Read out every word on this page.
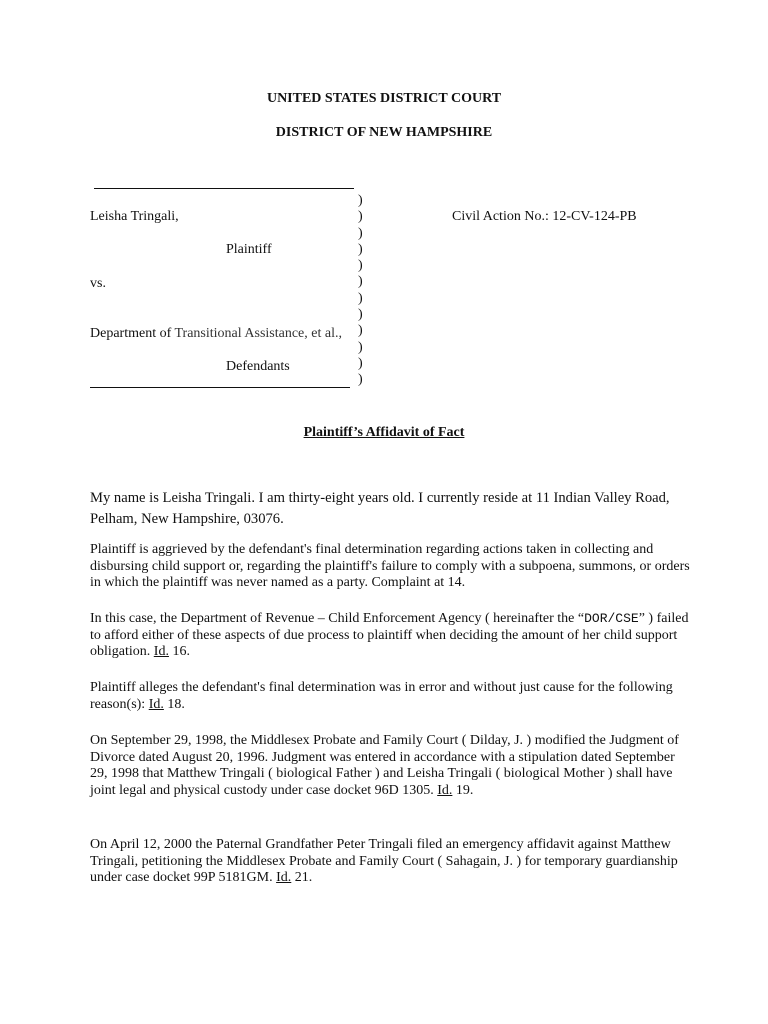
UNITED STATES DISTRICT COURT
DISTRICT OF NEW HAMPSHIRE
Leisha Tringali,
Plaintiff
vs.
Department of Transitional Assistance, et al.,
Defendants
Civil Action No.: 12-CV-124-PB
)
)
)
)
)
)
)
)
)
)
)
)
Plaintiff’s Affidavit of Fact
My name is Leisha Tringali. I am thirty-eight years old. I currently reside at 11 Indian Valley Road, Pelham, New Hampshire, 03076.
Plaintiff is aggrieved by the defendant's final determination regarding actions taken in collecting and disbursing child support or, regarding the plaintiff's failure to comply with a subpoena, summons, or orders in which the plaintiff was never named as a party. Complaint at 14.
In this case, the Department of Revenue – Child Enforcement Agency ( hereinafter the “DOR/CSE” ) failed to afford either of these aspects of due process to plaintiff when deciding the amount of her child support obligation. Id. 16.
Plaintiff alleges the defendant's final determination was in error and without just cause for the following reason(s): Id. 18.
On September 29, 1998, the Middlesex Probate and Family Court ( Dilday, J. ) modified the Judgment of Divorce dated August 20, 1996. Judgment was entered in accordance with a stipulation dated September 29, 1998 that Matthew Tringali ( biological Father ) and Leisha Tringali ( biological Mother ) shall have joint legal and physical custody under case docket 96D 1305. Id. 19.
On April 12, 2000 the Paternal Grandfather Peter Tringali filed an emergency affidavit against Matthew Tringali, petitioning the Middlesex Probate and Family Court ( Sahagain, J. ) for temporary guardianship under case docket 99P 5181GM. Id. 21.
